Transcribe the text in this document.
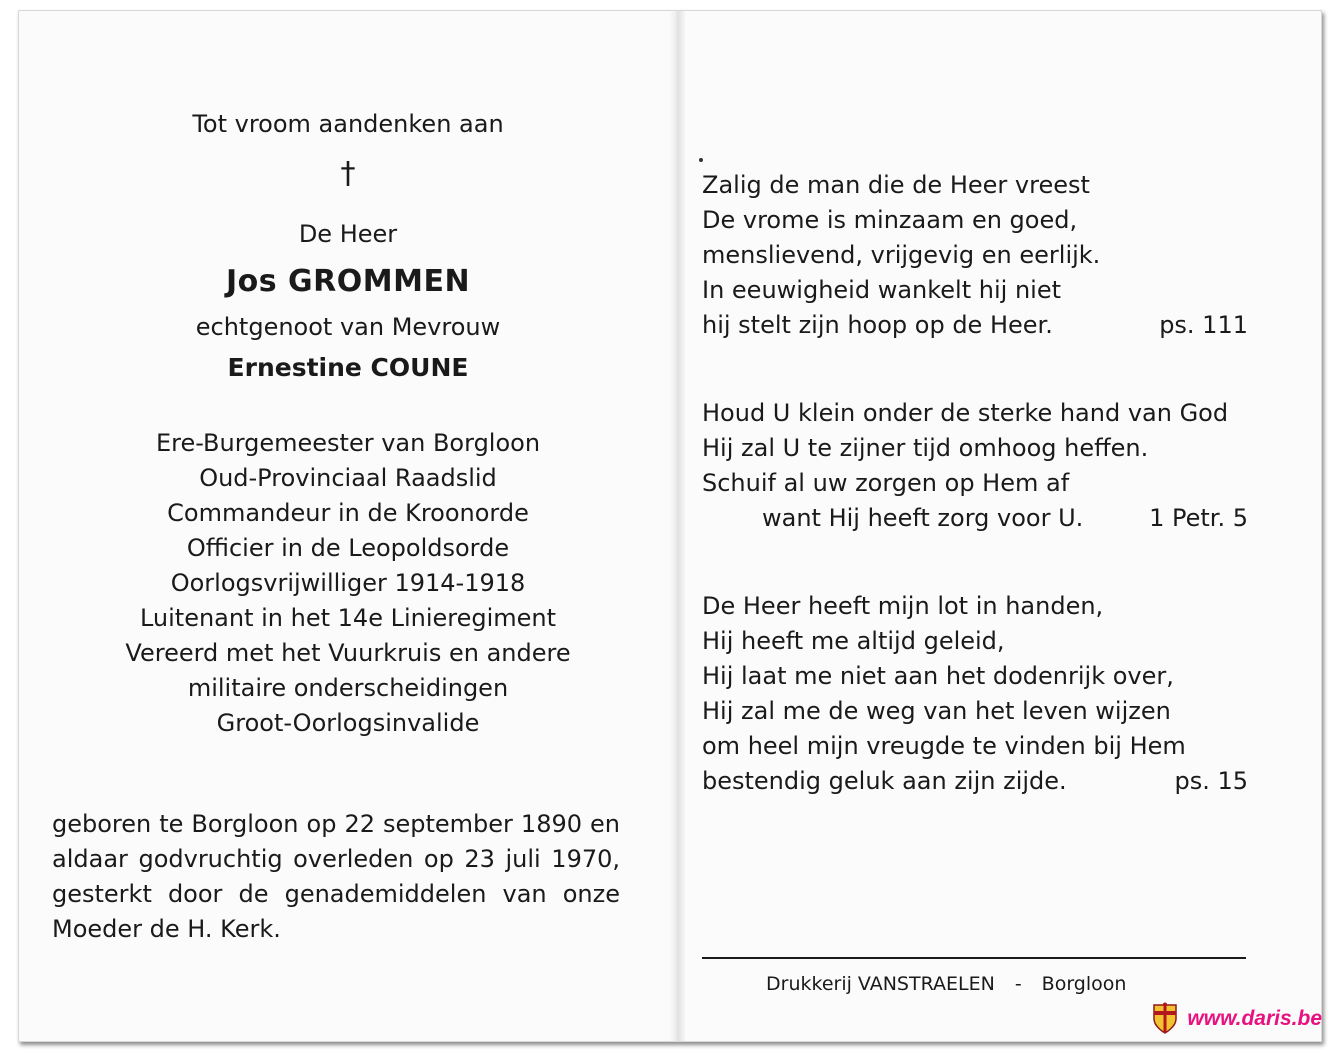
Tot vroom aandenken aan
†
De Heer
Jos GROMMEN
echtgenoot van Mevrouw
Ernestine COUNE
Ere-Burgemeester van Borgloon
Oud-Provinciaal Raadslid
Commandeur in de Kroonorde
Officier in de Leopoldsorde
Oorlogsvrijwilliger 1914-1918
Luitenant in het 14e Linieregiment
Vereerd met het Vuurkruis en andere
militaire onderscheidingen
Groot-Oorlogsinvalide
geboren te Borgloon op 22 september 1890 en aldaar godvruchtig overleden op 23 juli 1970, gesterkt door de genademiddelen van onze Moeder de H. Kerk.
Zalig de man die de Heer vreest
De vrome is minzaam en goed,
menslievend, vrijgevig en eerlijk.
In eeuwigheid wankelt hij niet
hij stelt zijn hoop op de Heer.	ps. 111
Houd U klein onder de sterke hand van God
Hij zal U te zijner tijd omhoog heffen.
Schuif al uw zorgen op Hem af
want Hij heeft zorg voor U.	1 Petr. 5
De Heer heeft mijn lot in handen,
Hij heeft me altijd geleid,
Hij laat me niet aan het dodenrijk over,
Hij zal me de weg van het leven wijzen
om heel mijn vreugde te vinden bij Hem
bestendig geluk aan zijn zijde.	ps. 15
Drukkerij VANSTRAELEN - Borgloon
www.daris.be
